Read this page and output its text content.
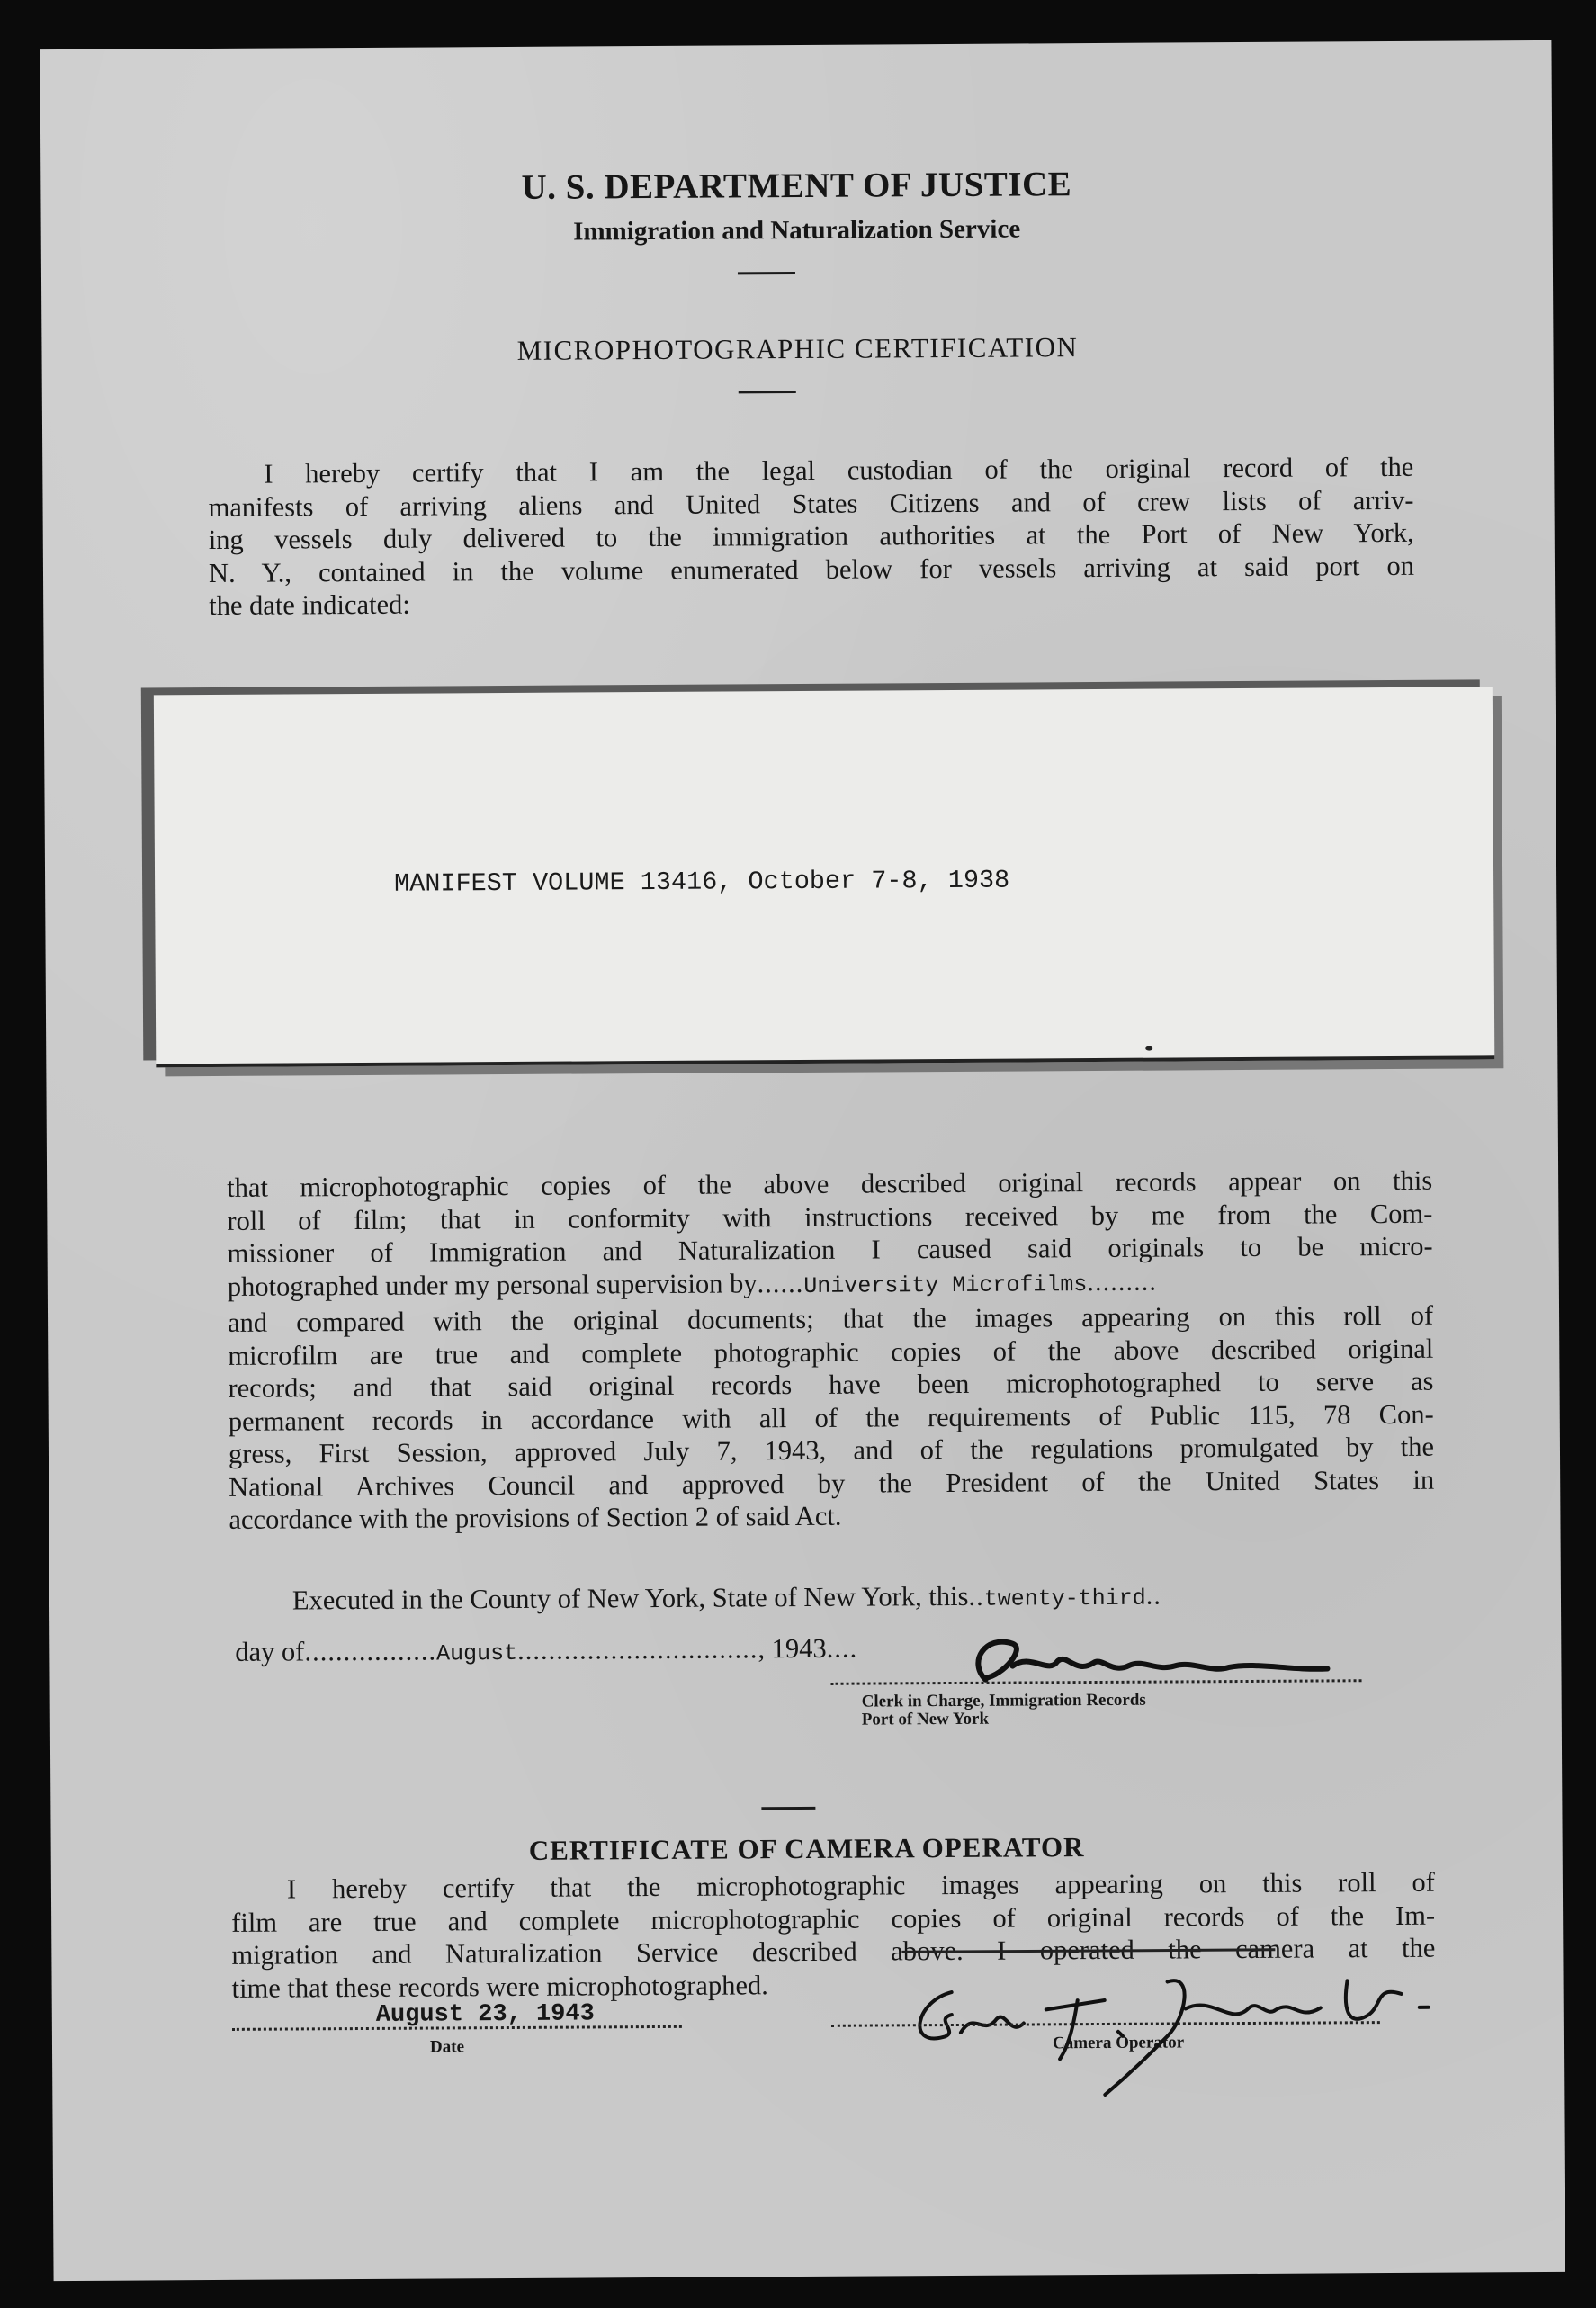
U. S. DEPARTMENT OF JUSTICE
Immigration and Naturalization Service
MICROPHOTOGRAPHIC CERTIFICATION

I hereby certify that I am the legal custodian of the original record of the

manifests of arriving aliens and United States Citizens and of crew lists of arriv-

ing vessels duly delivered to the immigration authorities at the Port of New York,

N. Y., contained in the volume enumerated below for vessels arriving at said port on

the date indicated:

MANIFEST VOLUME 13416, October 7-8, 1938

that microphotographic copies of the above described original records appear on this

roll of film; that in conformity with instructions received by me from the Com-

missioner of Immigration and Naturalization I caused said originals to be micro-

photographed under my personal supervision by......University Microfilms.........

and compared with the original documents; that the images appearing on this roll of

microfilm are true and complete photographic copies of the above described original

records; and that said original records have been microphotographed to serve as

permanent records in accordance with all of the requirements of Public 115, 78 Con-

gress, First Session, approved July 7, 1943, and of the regulations promulgated by the

National Archives Council and approved by the President of the United States in

accordance with the provisions of Section 2 of said Act.

Executed in the County of New York, State of New York, this..twenty-third..
day of.................August..............................., 1943....
Clerk in Charge, Immigration Records
Port of New York
CERTIFICATE OF CAMERA OPERATOR

I hereby certify that the microphotographic images appearing on this roll of

film are true and complete microphotographic copies of original records of the Im-

migration and Naturalization Service described above. I operated the camera at the

time that these records were microphotographed.

August 23, 1943
Date	Camera Operator
